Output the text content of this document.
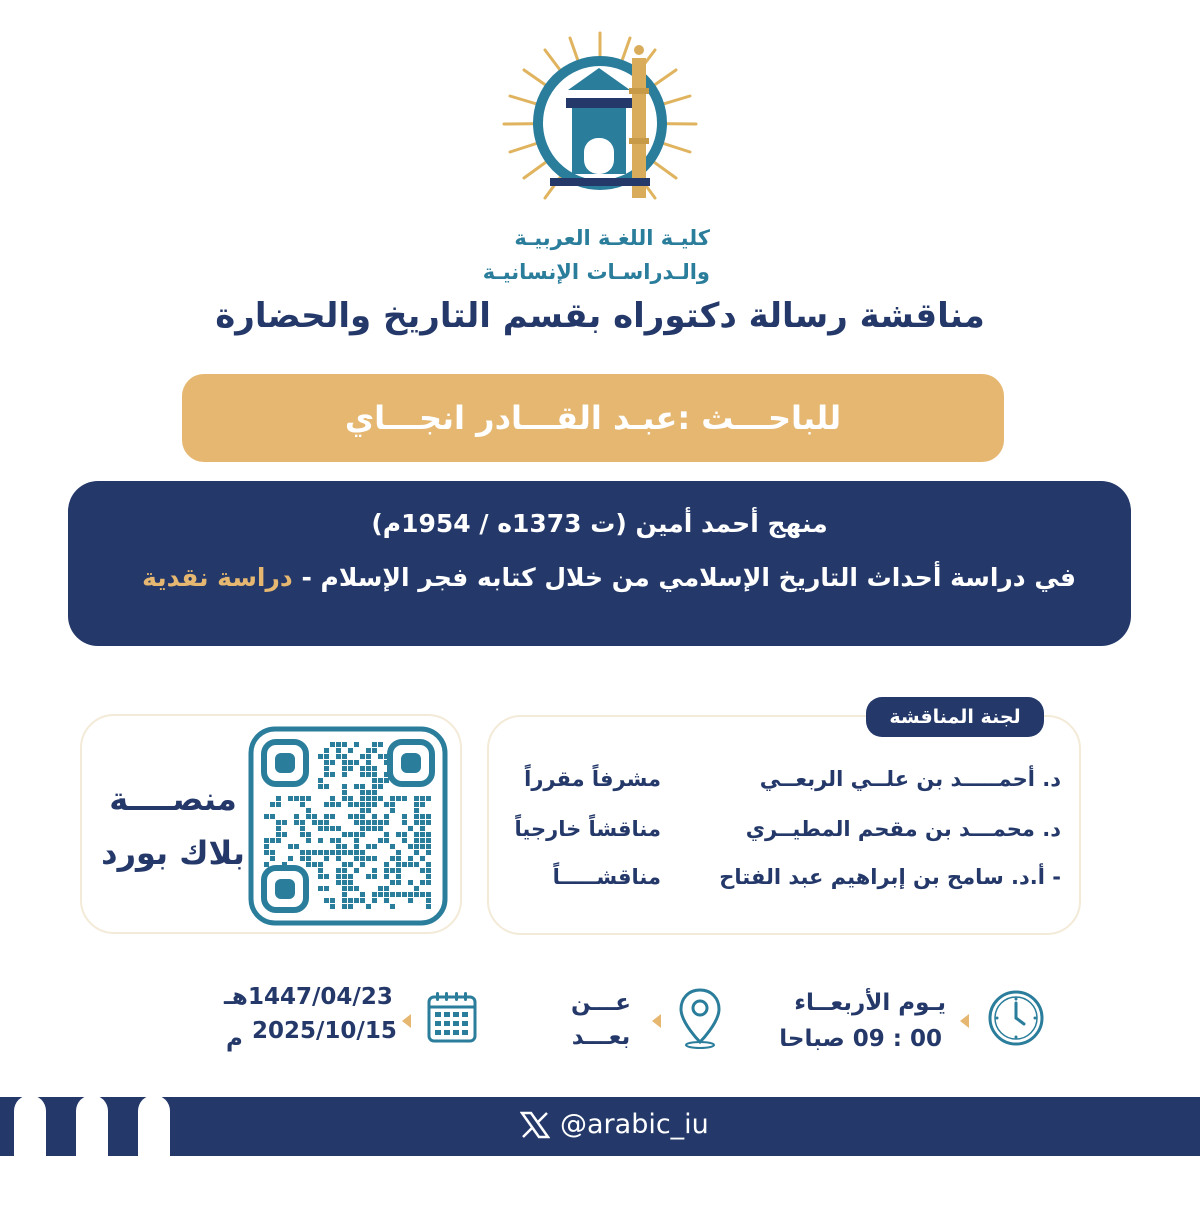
كليـة اللغـة العربيـة
والـدراسـات الإنسانيـة
مناقشة رسالة دكتوراه بقسم التاريخ والحضارة
للباحـــث :عبـد القـــادر انجـــاي
منهج أحمد أمين (ت 1373ه / 1954م)
في دراسة أحداث التاريخ الإسلامي من خلال كتابه فجر الإسلام - دراسة نقدية
د. أحمـــــد بن علــي الربعــي
مشرفاً مقرراً
د. محمـــد بن مقحم المطيــري
مناقشاً خارجياً
- أ.د. سامح بن إبراهيم عبد الفتاح
مناقشـــــاً
لجنة المناقشة
منصــــة
بلاك بورد
يـوم الأربعــاء
00 : 09 صباحا
عـــن
بعـــد
1447/04/23
هـ
2025/10/15
م
@arabic_iu
